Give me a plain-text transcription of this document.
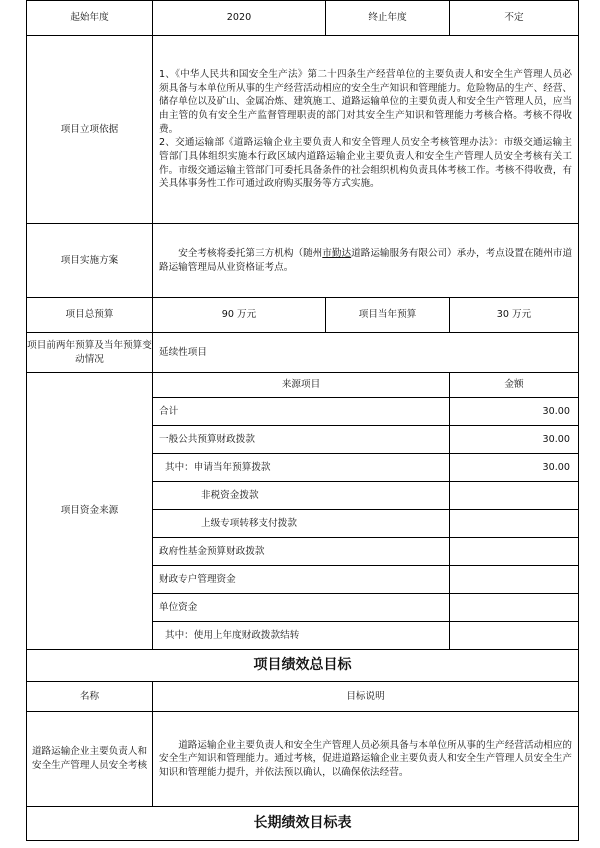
起始年度	2020	终止年度	不定
项目立项依据	1、《中华人民共和国安全生产法》第二十四条生产经营单位的主要负责人和安全生产管理人员必须具备与本单位所从事的生产经营活动相应的安全生产知识和管理能力。危险物品的生产、经营、储存单位以及矿山、金属冶炼、建筑施工、道路运输单位的主要负责人和安全生产管理人员，应当由主管的负有安全生产监督管理职责的部门对其安全生产知识和管理能力考核合格。考核不得收费。

2、交通运输部《道路运输企业主要负责人和安全管理人员安全考核管理办法》：市级交通运输主管部门具体组织实施本行政区域内道路运输企业主要负责人和安全生产管理人员安全考核有关工作。市级交通运输主管部门可委托具备条件的社会组织机构负责具体考核工作。考核不得收费，有关具体事务性工作可通过政府购买服务等方式实施。		

项目实施方案	安全考核将委托第三方机构（随州市勤达道路运输服务有限公司）承办，考点设置在随州市道路运输管理局从业资格证考点。		

项目总预算	90 万元	项目当年预算	30 万元
项目前两年预算及当年预算变动情况	延续性项目		
项目资金来源	来源项目		金额
	合计		30.00
	一般公共预算财政拨款		30.00
	其中：申请当年预算拨款		30.00
	非税资金拨款		
	上级专项转移支付拨款		
	政府性基金预算财政拨款		
	财政专户管理资金		
	单位资金		
	其中：使用上年度财政拨款结转		
项目绩效总目标			
名称	目标说明		
道路运输企业主要负责人和安全生产管理人员安全考核	道路运输企业主要负责人和安全生产管理人员必须具备与本单位所从事的生产经营活动相应的安全生产知识和管理能力。通过考核，促进道路运输企业主要负责人和安全生产管理人员安全生产知识和管理能力提升，并依法预以确认，以确保依法经营。		

长期绩效目标表			
